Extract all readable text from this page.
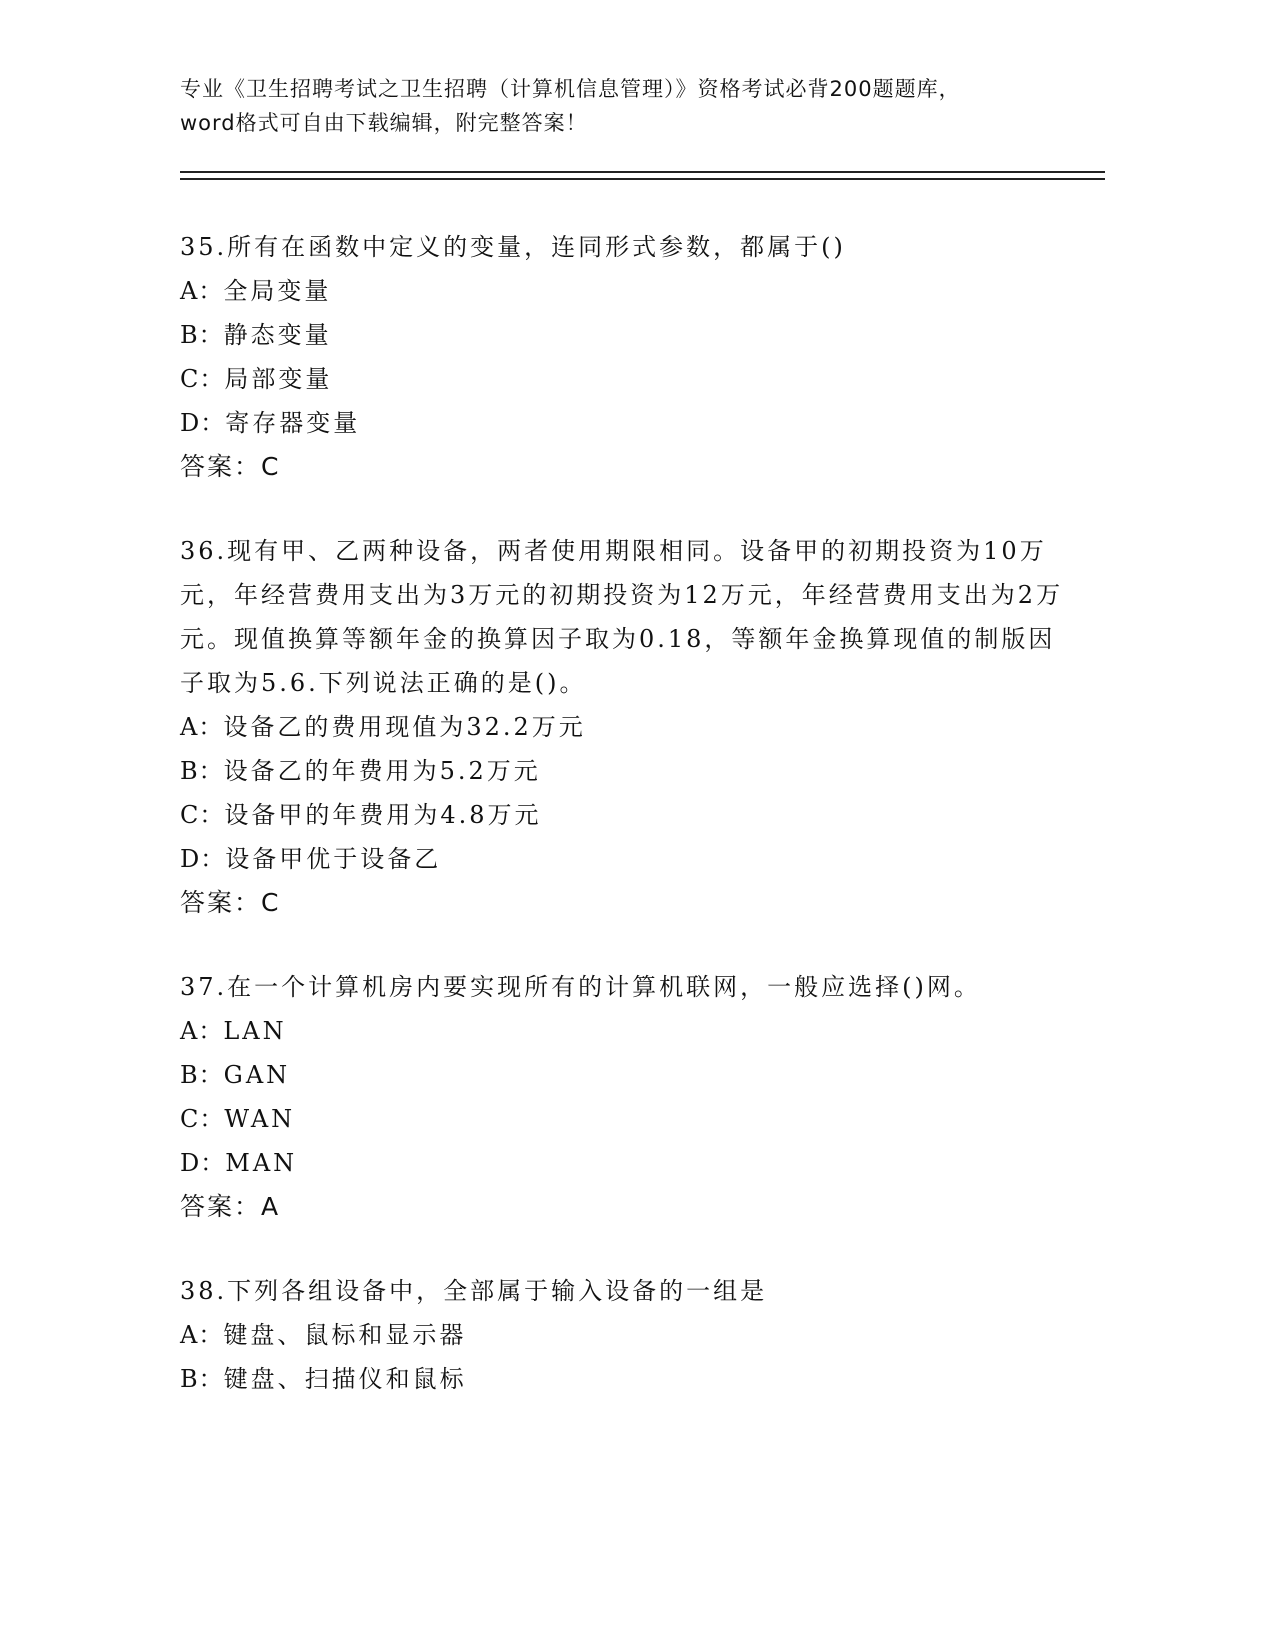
专业《卫生招聘考试之卫生招聘（计算机信息管理）》资格考试必背200题题库，
word格式可自由下载编辑，附完整答案！

35.所有在函数中定义的变量，连同形式参数，都属于()

A：全局变量

B：静态变量

C：局部变量

D：寄存器变量

答案：C

36.现有甲、乙两种设备，两者使用期限相同。设备甲的初期投资为10万元，年经营费用支出为3万元的初期投资为12万元，年经营费用支出为2万元。现值换算等额年金的换算因子取为0.18，等额年金换算现值的制版因子取为5.6.下列说法正确的是()。

A：设备乙的费用现值为32.2万元

B：设备乙的年费用为5.2万元

C：设备甲的年费用为4.8万元

D：设备甲优于设备乙

答案：C

37.在一个计算机房内要实现所有的计算机联网，一般应选择()网。

A：LAN

B：GAN

C：WAN

D：MAN

答案：A

38.下列各组设备中，全部属于输入设备的一组是

A：键盘、鼠标和显示器

B：键盘、扫描仪和鼠标
